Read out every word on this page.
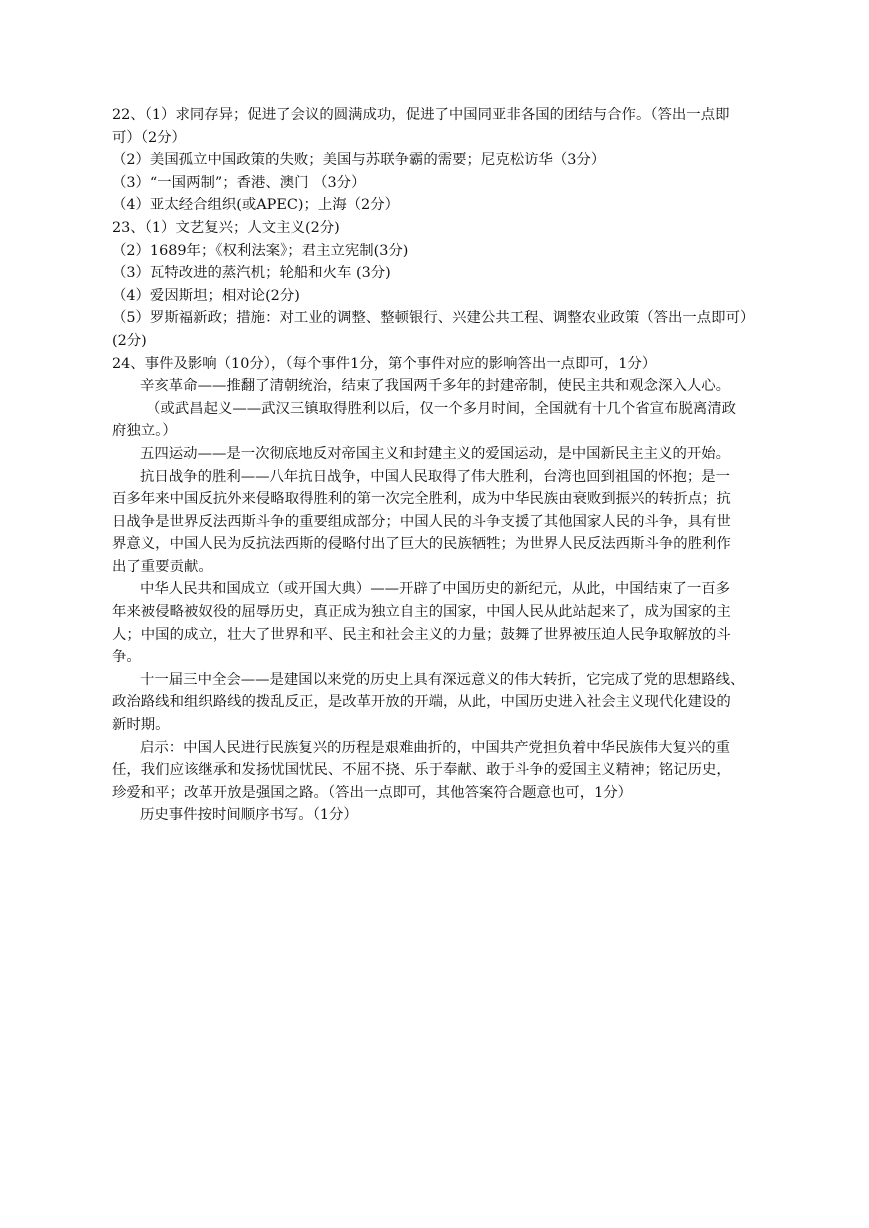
22、（1）求同存异；促进了会议的圆满成功，促进了中国同亚非各国的团结与合作。（答出一点即
可）（2分）
（2）美国孤立中国政策的失败；美国与苏联争霸的需要；尼克松访华（3分）
（3）“一国两制”；香港、澳门 （3分）
（4）亚太经合组织(或APEC)；上海（2分）
23、（1）文艺复兴；人文主义(2分)
（2）1689年；《权利法案》；君主立宪制(3分)
（3）瓦特改进的蒸汽机；轮船和火车 (3分)
（4）爱因斯坦；相对论(2分)
（5）罗斯福新政；措施：对工业的调整、整顿银行、兴建公共工程、调整农业政策（答出一点即可）
(2分)
24、事件及影响（10分），（每个事件1分，第个事件对应的影响答出一点即可，1分）
辛亥革命——推翻了清朝统治，结束了我国两千多年的封建帝制，使民主共和观念深入人心。
（或武昌起义——武汉三镇取得胜利以后，仅一个多月时间，全国就有十几个省宣布脱离清政
府独立。）
五四运动——是一次彻底地反对帝国主义和封建主义的爱国运动，是中国新民主主义的开始。
抗日战争的胜利——八年抗日战争，中国人民取得了伟大胜利，台湾也回到祖国的怀抱；是一
百多年来中国反抗外来侵略取得胜利的第一次完全胜利，成为中华民族由衰败到振兴的转折点；抗
日战争是世界反法西斯斗争的重要组成部分；中国人民的斗争支援了其他国家人民的斗争，具有世
界意义，中国人民为反抗法西斯的侵略付出了巨大的民族牺牲；为世界人民反法西斯斗争的胜利作
出了重要贡献。
中华人民共和国成立（或开国大典）——开辟了中国历史的新纪元，从此，中国结束了一百多
年来被侵略被奴役的屈辱历史，真正成为独立自主的国家，中国人民从此站起来了，成为国家的主
人；中国的成立，壮大了世界和平、民主和社会主义的力量；鼓舞了世界被压迫人民争取解放的斗
争。
十一届三中全会——是建国以来党的历史上具有深远意义的伟大转折，它完成了党的思想路线、
政治路线和组织路线的拨乱反正，是改革开放的开端，从此，中国历史进入社会主义现代化建设的
新时期。
启示：中国人民进行民族复兴的历程是艰难曲折的，中国共产党担负着中华民族伟大复兴的重
任，我们应该继承和发扬忧国忧民、不屈不挠、乐于奉献、敢于斗争的爱国主义精神；铭记历史，
珍爱和平；改革开放是强国之路。（答出一点即可，其他答案符合题意也可，1分）
历史事件按时间顺序书写。（1分）
